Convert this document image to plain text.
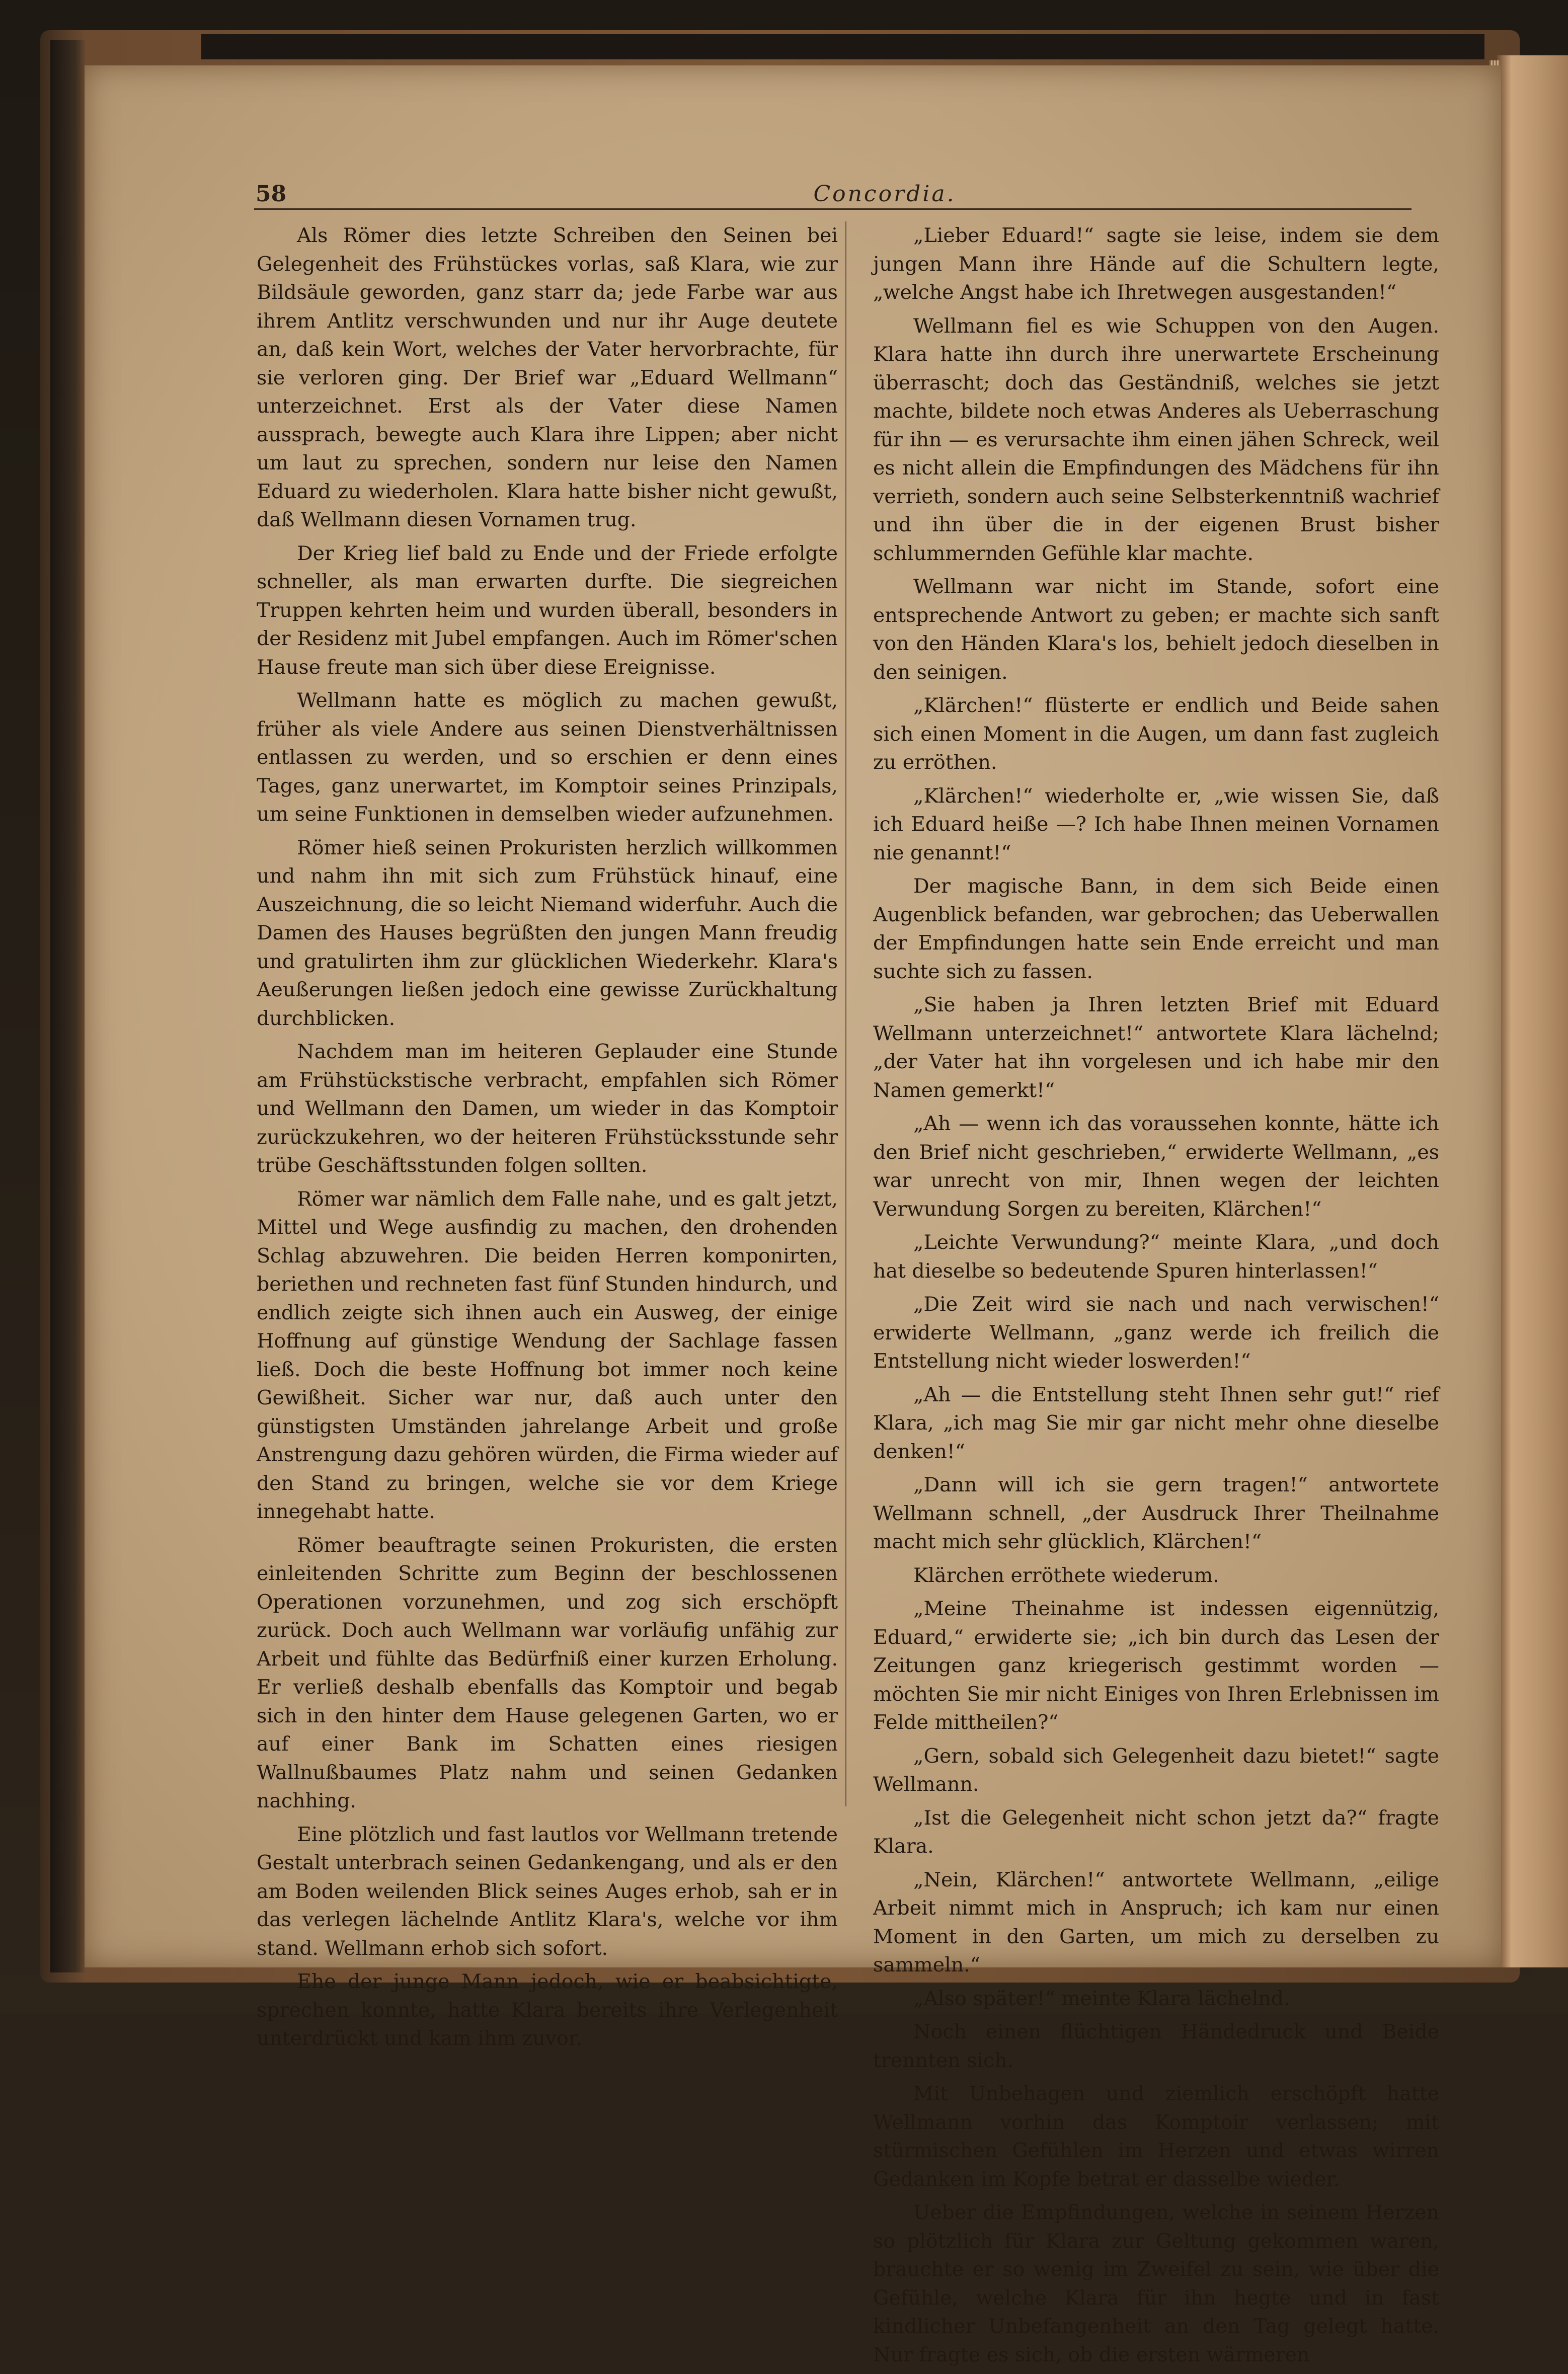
58	Concordia.

Als Römer dies letzte Schreiben den Seinen bei Gelegenheit des Frühstückes vorlas, saß Klara, wie zur Bildsäule geworden, ganz starr da; jede Farbe war aus ihrem Antlitz verschwunden und nur ihr Auge deutete an, daß kein Wort, welches der Vater hervorbrachte, für sie verloren ging. Der Brief war „Eduard Wellmann“ unterzeichnet. Erst als der Vater diese Namen aussprach, bewegte auch Klara ihre Lippen; aber nicht um laut zu sprechen, sondern nur leise den Namen Eduard zu wiederholen. Klara hatte bisher nicht gewußt, daß Wellmann diesen Vornamen trug.

Der Krieg lief bald zu Ende und der Friede erfolgte schneller, als man erwarten durfte. Die siegreichen Truppen kehrten heim und wurden überall, besonders in der Residenz mit Jubel empfangen. Auch im Römer'schen Hause freute man sich über diese Ereignisse.

Wellmann hatte es möglich zu machen gewußt, früher als viele Andere aus seinen Dienstverhältnissen entlassen zu werden, und so erschien er denn eines Tages, ganz unerwartet, im Komptoir seines Prinzipals, um seine Funktionen in demselben wieder aufzunehmen.

Römer hieß seinen Prokuristen herzlich willkommen und nahm ihn mit sich zum Frühstück hinauf, eine Auszeichnung, die so leicht Niemand widerfuhr. Auch die Damen des Hauses begrüßten den jungen Mann freudig und gratulirten ihm zur glücklichen Wiederkehr. Klara's Aeußerungen ließen jedoch eine gewisse Zurückhaltung durchblicken.

Nachdem man im heiteren Geplauder eine Stunde am Frühstückstische verbracht, empfahlen sich Römer und Wellmann den Damen, um wieder in das Komptoir zurückzukehren, wo der heiteren Frühstücksstunde sehr trübe Geschäftsstunden folgen sollten.

Römer war nämlich dem Falle nahe, und es galt jetzt, Mittel und Wege ausfindig zu machen, den drohenden Schlag abzuwehren. Die beiden Herren komponirten, beriethen und rechneten fast fünf Stunden hindurch, und endlich zeigte sich ihnen auch ein Ausweg, der einige Hoffnung auf günstige Wendung der Sachlage fassen ließ. Doch die beste Hoffnung bot immer noch keine Gewißheit. Sicher war nur, daß auch unter den günstigsten Umständen jahrelange Arbeit und große Anstrengung dazu gehören würden, die Firma wieder auf den Stand zu bringen, welche sie vor dem Kriege innegehabt hatte.

Römer beauftragte seinen Prokuristen, die ersten einleitenden Schritte zum Beginn der beschlossenen Operationen vorzunehmen, und zog sich erschöpft zurück. Doch auch Wellmann war vorläufig unfähig zur Arbeit und fühlte das Bedürfniß einer kurzen Erholung. Er verließ deshalb ebenfalls das Komptoir und begab sich in den hinter dem Hause gelegenen Garten, wo er auf einer Bank im Schatten eines riesigen Wallnußbaumes Platz nahm und seinen Gedanken nachhing.

Eine plötzlich und fast lautlos vor Wellmann tretende Gestalt unterbrach seinen Gedankengang, und als er den am Boden weilenden Blick seines Auges erhob, sah er in das verlegen lächelnde Antlitz Klara's, welche vor ihm stand. Wellmann erhob sich sofort.

Ehe der junge Mann jedoch, wie er beabsichtigte, sprechen konnte, hatte Klara bereits ihre Verlegenheit unterdrückt und kam ihm zuvor.

„Lieber Eduard!“ sagte sie leise, indem sie dem jungen Mann ihre Hände auf die Schultern legte, „welche Angst habe ich Ihretwegen ausgestanden!“

Wellmann fiel es wie Schuppen von den Augen. Klara hatte ihn durch ihre unerwartete Erscheinung überrascht; doch das Geständniß, welches sie jetzt machte, bildete noch etwas Anderes als Ueberraschung für ihn — es verursachte ihm einen jähen Schreck, weil es nicht allein die Empfindungen des Mädchens für ihn verrieth, sondern auch seine Selbsterkenntniß wachrief und ihn über die in der eigenen Brust bisher schlummernden Gefühle klar machte.

Wellmann war nicht im Stande, sofort eine entsprechende Antwort zu geben; er machte sich sanft von den Händen Klara's los, behielt jedoch dieselben in den seinigen.

„Klärchen!“ flüsterte er endlich und Beide sahen sich einen Moment in die Augen, um dann fast zugleich zu erröthen.

„Klärchen!“ wiederholte er, „wie wissen Sie, daß ich Eduard heiße —? Ich habe Ihnen meinen Vornamen nie genannt!“

Der magische Bann, in dem sich Beide einen Augenblick befanden, war gebrochen; das Ueberwallen der Empfindungen hatte sein Ende erreicht und man suchte sich zu fassen.

„Sie haben ja Ihren letzten Brief mit Eduard Wellmann unterzeichnet!“ antwortete Klara lächelnd; „der Vater hat ihn vorgelesen und ich habe mir den Namen gemerkt!“

„Ah — wenn ich das voraussehen konnte, hätte ich den Brief nicht geschrieben,“ erwiderte Wellmann, „es war unrecht von mir, Ihnen wegen der leichten Verwundung Sorgen zu bereiten, Klärchen!“

„Leichte Verwundung?“ meinte Klara, „und doch hat dieselbe so bedeutende Spuren hinterlassen!“

„Die Zeit wird sie nach und nach verwischen!“ erwiderte Wellmann, „ganz werde ich freilich die Entstellung nicht wieder loswerden!“

„Ah — die Entstellung steht Ihnen sehr gut!“ rief Klara, „ich mag Sie mir gar nicht mehr ohne dieselbe denken!“

„Dann will ich sie gern tragen!“ antwortete Wellmann schnell, „der Ausdruck Ihrer Theilnahme macht mich sehr glücklich, Klärchen!“

Klärchen erröthete wiederum.

„Meine Theinahme ist indessen eigennützig, Eduard,“ erwiderte sie; „ich bin durch das Lesen der Zeitungen ganz kriegerisch gestimmt worden — möchten Sie mir nicht Einiges von Ihren Erlebnissen im Felde mittheilen?“

„Gern, sobald sich Gelegenheit dazu bietet!“ sagte Wellmann.

„Ist die Gelegenheit nicht schon jetzt da?“ fragte Klara.

„Nein, Klärchen!“ antwortete Wellmann, „eilige Arbeit nimmt mich in Anspruch; ich kam nur einen Moment in den Garten, um mich zu derselben zu sammeln.“

„Also später!“ meinte Klara lächelnd.

Noch einen flüchtigen Händedruck und Beide trennten sich.

Mit Unbehagen und ziemlich erschöpft hatte Wellmann vorhin das Komptoir verlassen; mit stürmischen Gefühlen im Herzen und etwas wirren Gedanken im Kopfe betrat er dasselbe wieder.

Ueber die Empfindungen, welche in seinem Herzen so plötzlich für Klara zur Geltung gekommen waren, brauchte er so wenig im Zweifel zu sein, wie über die Gefühle, welche Klara für ihn hegte und in fast kindlicher Unbefangenheit an den Tag gelegt hatte. Nur fragte es sich, ob die ersten wärmeren
